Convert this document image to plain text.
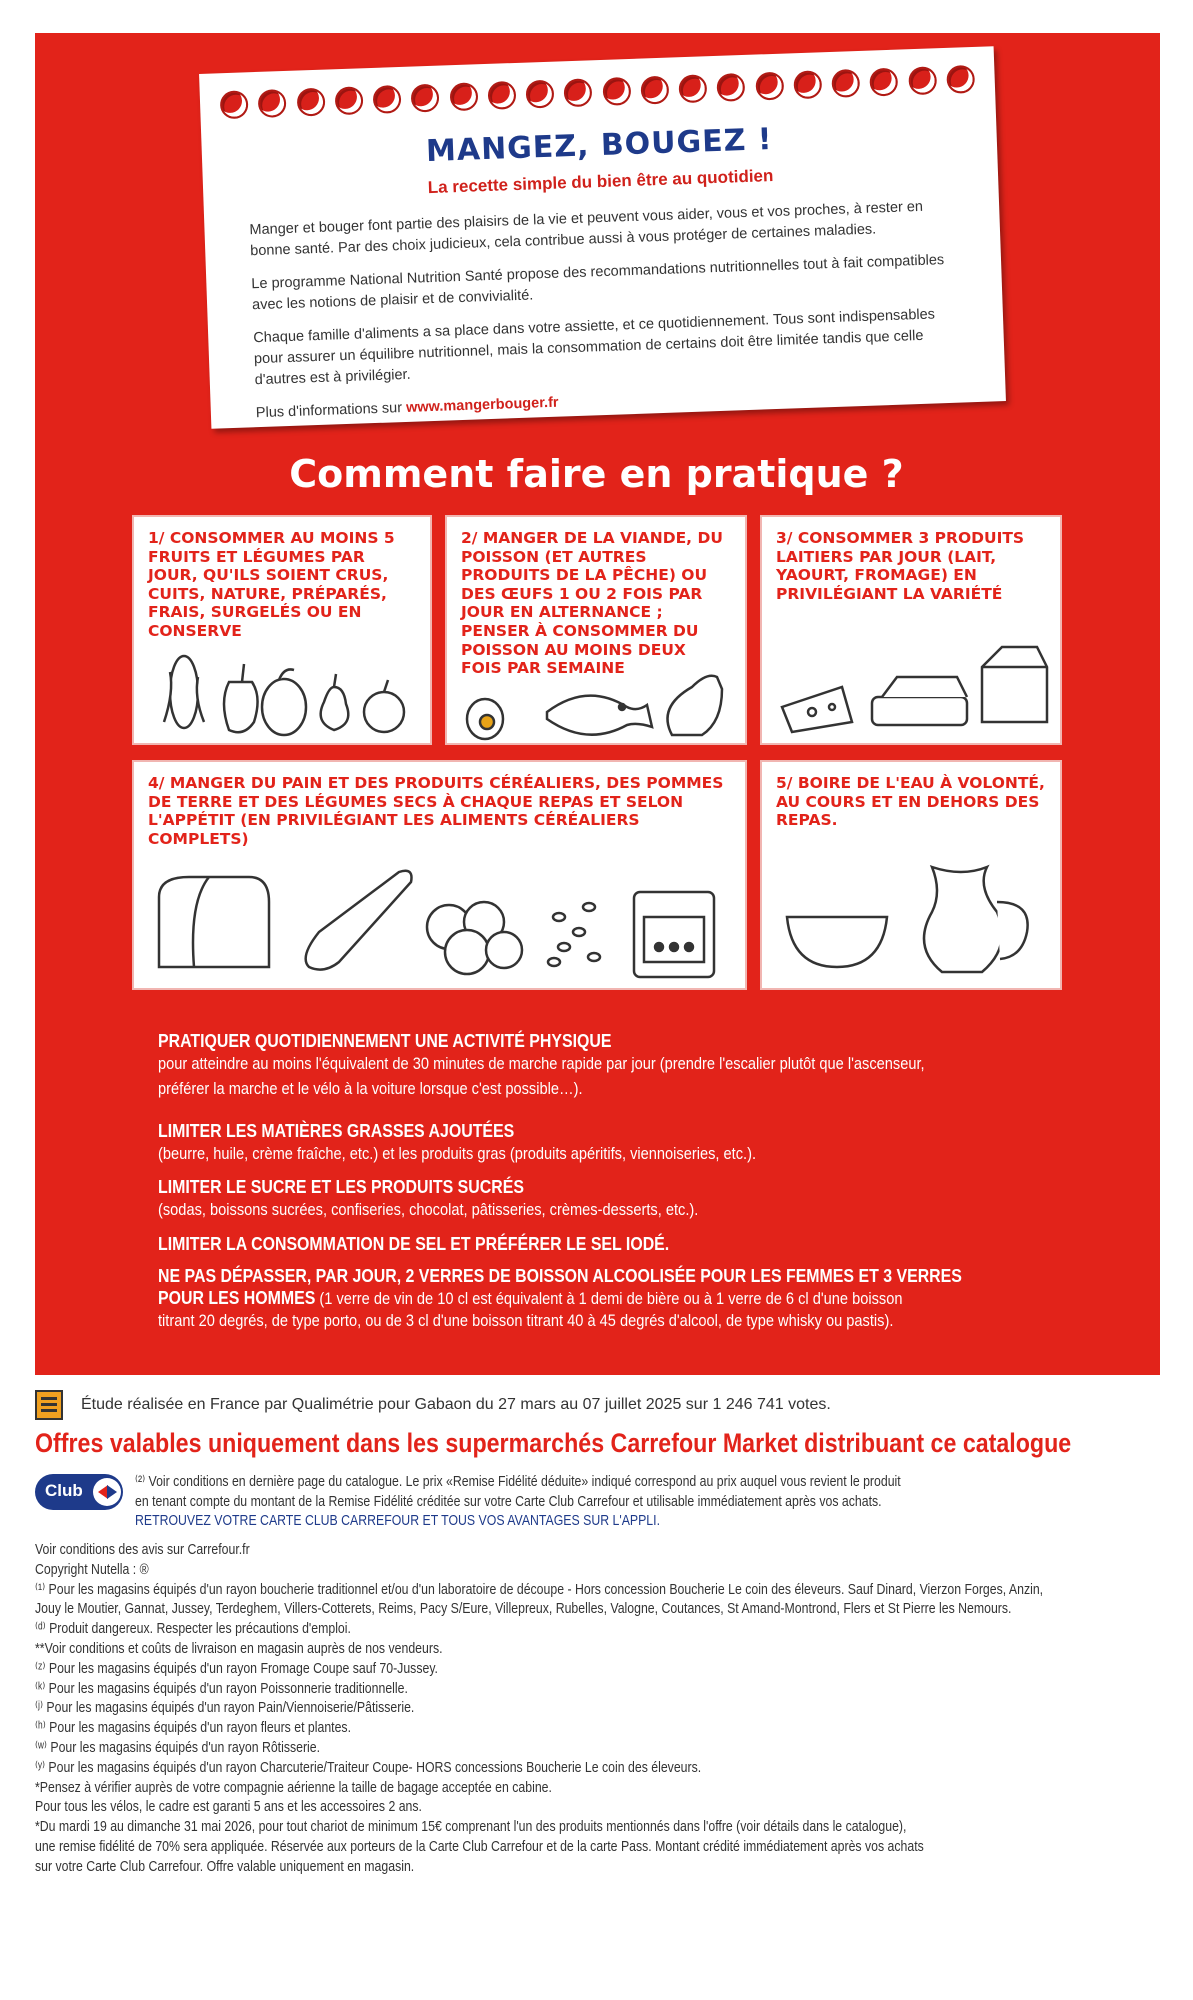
MANGEZ, BOUGEZ !
La recette simple du bien être au quotidien

Manger et bouger font partie des plaisirs de la vie et peuvent vous aider, vous et vos proches, à rester en bonne santé. Par des choix judicieux, cela contribue aussi à vous protéger de certaines maladies.

Le programme National Nutrition Santé propose des recommandations nutritionnelles tout à fait compatibles avec les notions de plaisir et de convivialité.

Chaque famille d'aliments a sa place dans votre assiette, et ce quotidiennement. Tous sont indispensables pour assurer un équilibre nutritionnel, mais la consommation de certains doit être limitée tandis que celle d'autres est à privilégier.

Plus d'informations sur www.mangerbouger.fr

Comment faire en pratique ?
1/ CONSOMMER AU MOINS 5 FRUITS ET LÉGUMES PAR JOUR, QU'ILS SOIENT CRUS, CUITS, NATURE, PRÉPARÉS, FRAIS, SURGELÉS OU EN CONSERVE
2/ MANGER DE LA VIANDE, DU POISSON (ET AUTRES PRODUITS DE LA PÊCHE) OU DES ŒUFS 1 OU 2 FOIS PAR JOUR EN ALTERNANCE ; PENSER À CONSOMMER DU POISSON AU MOINS DEUX FOIS PAR SEMAINE
3/ CONSOMMER 3 PRODUITS LAITIERS PAR JOUR (LAIT, YAOURT, FROMAGE) EN PRIVILÉGIANT LA VARIÉTÉ
4/ MANGER DU PAIN ET DES PRODUITS CÉRÉALIERS, DES POMMES DE TERRE ET DES LÉGUMES SECS À CHAQUE REPAS ET SELON L'APPÉTIT (EN PRIVILÉGIANT LES ALIMENTS CÉRÉALIERS COMPLETS)
5/ BOIRE DE L'EAU À VOLONTÉ, AU COURS ET EN DEHORS DES REPAS.
PRATIQUER QUOTIDIENNEMENT UNE ACTIVITÉ PHYSIQUE
pour atteindre au moins l'équivalent de 30 minutes de marche rapide par jour (prendre l'escalier plutôt que l'ascenseur,
préférer la marche et le vélo à la voiture lorsque c'est possible…).
LIMITER LES MATIÈRES GRASSES AJOUTÉES
(beurre, huile, crème fraîche, etc.) et les produits gras (produits apéritifs, viennoiseries, etc.).
LIMITER LE SUCRE ET LES PRODUITS SUCRÉS
(sodas, boissons sucrées, confiseries, chocolat, pâtisseries, crèmes-desserts, etc.).
LIMITER LA CONSOMMATION DE SEL ET PRÉFÉRER LE SEL IODÉ.
NE PAS DÉPASSER, PAR JOUR, 2 VERRES DE BOISSON ALCOOLISÉE POUR LES FEMMES ET 3 VERRES
POUR LES HOMMES (1 verre de vin de 10 cl est équivalent à 1 demi de bière ou à 1 verre de 6 cl d'une boisson
titrant 20 degrés, de type porto, ou de 3 cl d'une boisson titrant 40 à 45 degrés d'alcool, de type whisky ou pastis).
Étude réalisée en France par Qualimétrie pour Gabaon du 27 mars au 07 juillet 2025 sur 1 246 741 votes.
Offres valables uniquement dans les supermarchés Carrefour Market distribuant ce catalogue
Club	⁽²⁾ Voir conditions en dernière page du catalogue. Le prix «Remise Fidélité déduite» indiqué correspond au prix auquel vous revient le produit
en tenant compte du montant de la Remise Fidélité créditée sur votre Carte Club Carrefour et utilisable immédiatement après vos achats.
RETROUVEZ VOTRE CARTE CLUB CARREFOUR ET TOUS VOS AVANTAGES SUR L'APPLI.
Voir conditions des avis sur Carrefour.fr
Copyright Nutella : ®
⁽¹⁾ Pour les magasins équipés d'un rayon boucherie traditionnel et/ou d'un laboratoire de découpe - Hors concession Boucherie Le coin des éleveurs. Sauf Dinard, Vierzon Forges, Anzin,
Jouy le Moutier, Gannat, Jussey, Terdeghem, Villers-Cotterets, Reims, Pacy S/Eure, Villepreux, Rubelles, Valogne, Coutances, St Amand-Montrond, Flers et St Pierre les Nemours.
⁽ᵈ⁾ Produit dangereux. Respecter les précautions d'emploi.
**Voir conditions et coûts de livraison en magasin auprès de nos vendeurs.
⁽ᶻ⁾ Pour les magasins équipés d'un rayon Fromage Coupe sauf 70-Jussey.
⁽ᵏ⁾ Pour les magasins équipés d'un rayon Poissonnerie traditionnelle.
⁽ʲ⁾ Pour les magasins équipés d'un rayon Pain/Viennoiserie/Pâtisserie.
⁽ʰ⁾ Pour les magasins équipés d'un rayon fleurs et plantes.
⁽ʷ⁾ Pour les magasins équipés d'un rayon Rôtisserie.
⁽ʸ⁾ Pour les magasins équipés d'un rayon Charcuterie/Traiteur Coupe- HORS concessions Boucherie Le coin des éleveurs.
*Pensez à vérifier auprès de votre compagnie aérienne la taille de bagage acceptée en cabine.
Pour tous les vélos, le cadre est garanti 5 ans et les accessoires 2 ans.
*Du mardi 19 au dimanche 31 mai 2026, pour tout chariot de minimum 15€ comprenant l'un des produits mentionnés dans l'offre (voir détails dans le catalogue),
une remise fidélité de 70% sera appliquée. Réservée aux porteurs de la Carte Club Carrefour et de la carte Pass. Montant crédité immédiatement après vos achats
sur votre Carte Club Carrefour. Offre valable uniquement en magasin.
